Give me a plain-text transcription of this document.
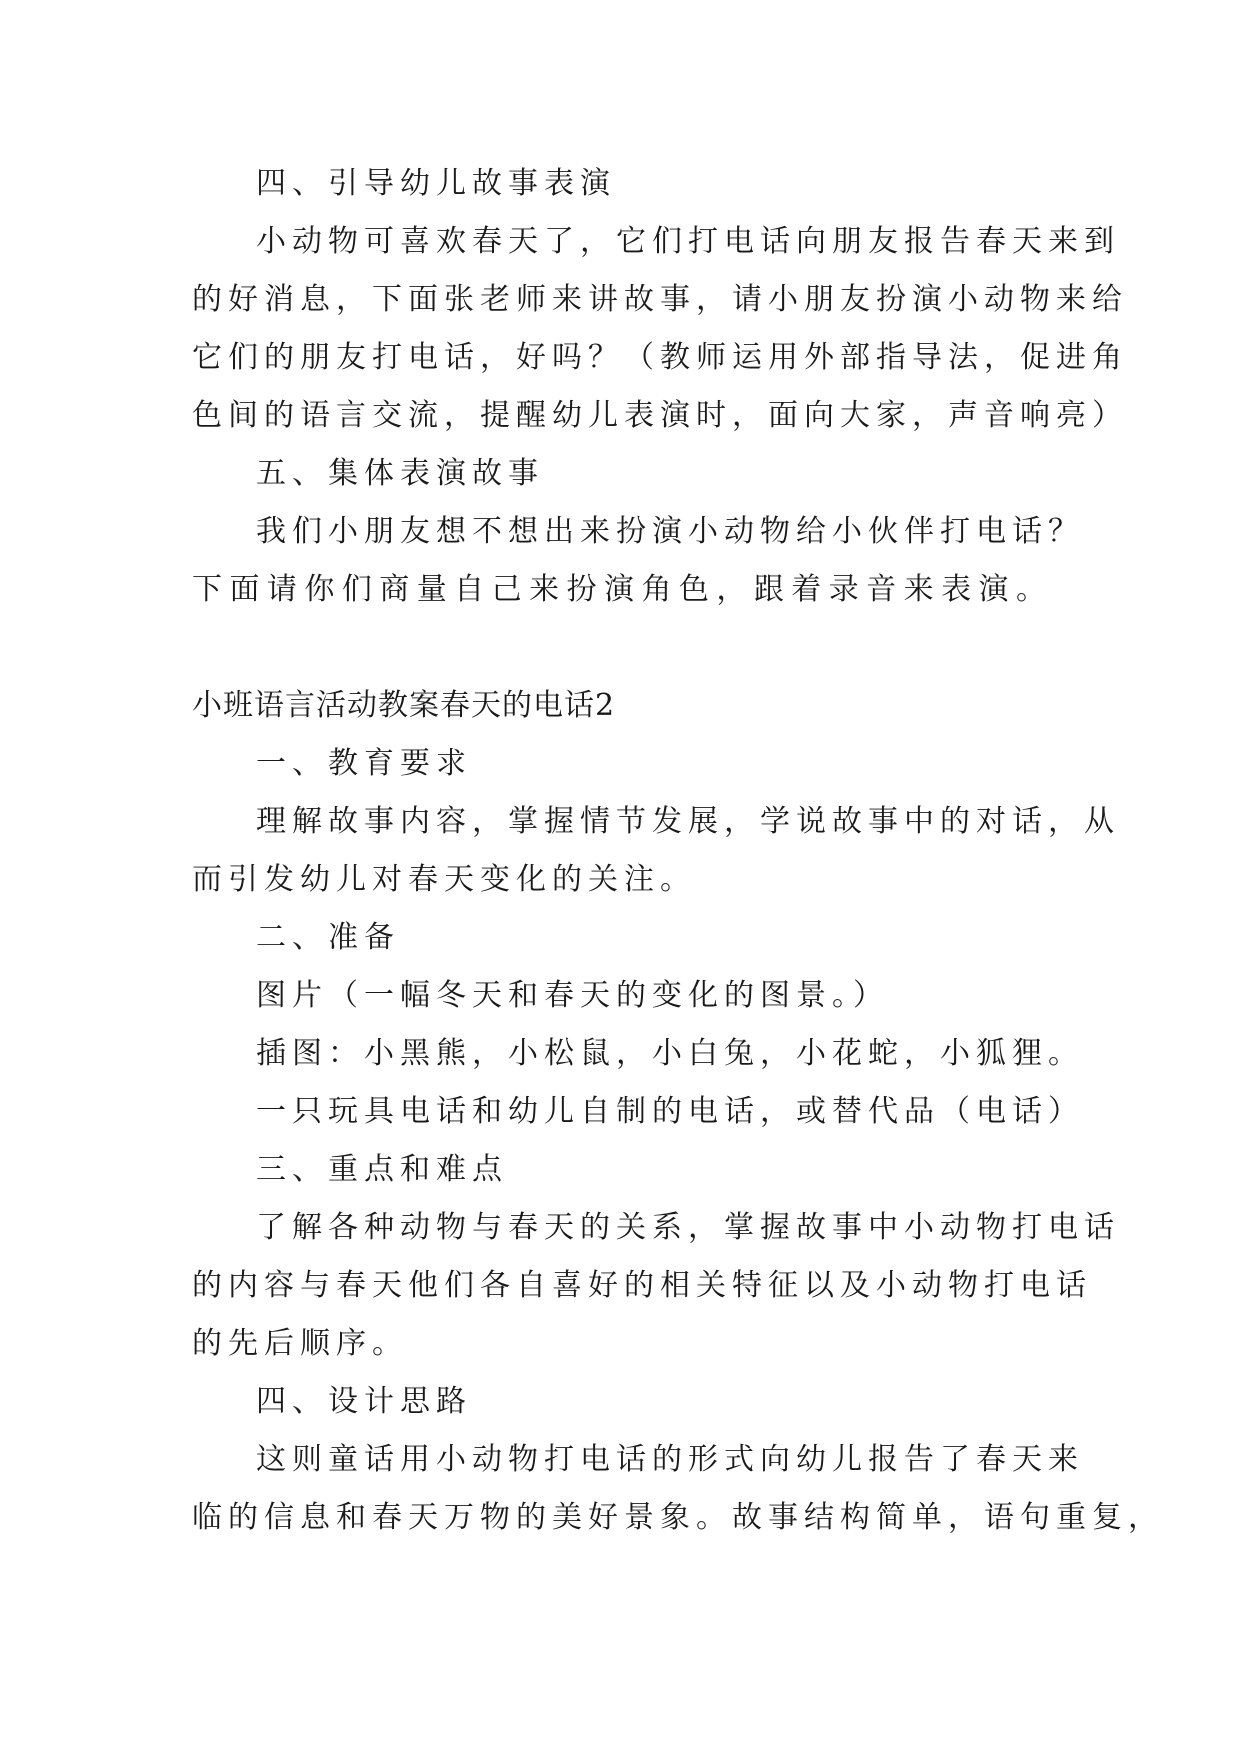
四、引导幼儿故事表演
小动物可喜欢春天了，它们打电话向朋友报告春天来到
的好消息，下面张老师来讲故事，请小朋友扮演小动物来给
它们的朋友打电话，好吗？（教师运用外部指导法，促进角
色间的语言交流，提醒幼儿表演时，面向大家，声音响亮）
五、集体表演故事
我们小朋友想不想出来扮演小动物给小伙伴打电话？
下面请你们商量自己来扮演角色，跟着录音来表演。
小班语言活动教案春天的电话2
一、教育要求
理解故事内容，掌握情节发展，学说故事中的对话，从
而引发幼儿对春天变化的关注。
二、准备
图片（一幅冬天和春天的变化的图景。）
插图：小黑熊，小松鼠，小白兔，小花蛇，小狐狸。
一只玩具电话和幼儿自制的电话，或替代品（电话）
三、重点和难点
了解各种动物与春天的关系，掌握故事中小动物打电话
的内容与春天他们各自喜好的相关特征以及小动物打电话
的先后顺序。
四、设计思路
这则童话用小动物打电话的形式向幼儿报告了春天来
临的信息和春天万物的美好景象。故事结构简单，语句重复，
